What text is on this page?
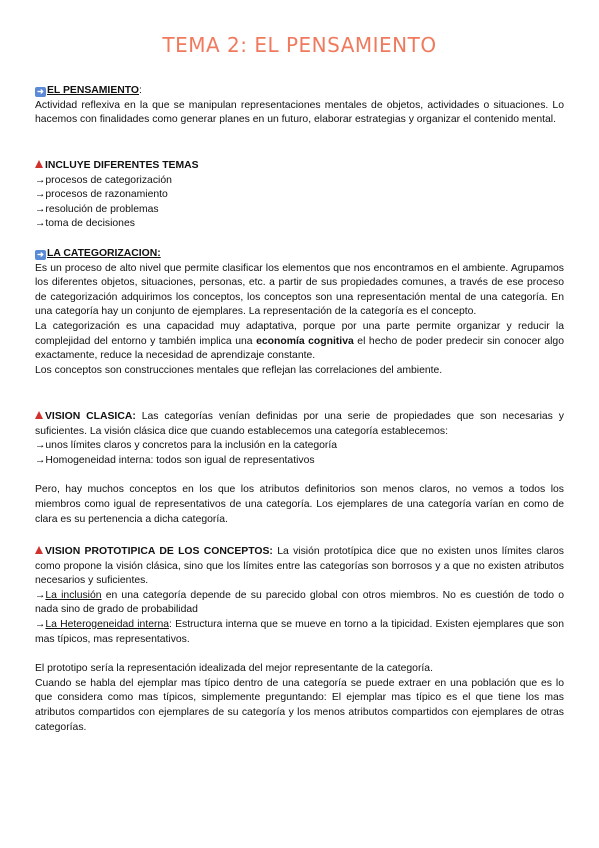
TEMA 2: EL PENSAMIENTO

➜ EL PENSAMIENTO:

Actividad reflexiva en la que se manipulan representaciones mentales de objetos, actividades o situaciones. Lo hacemos con finalidades como generar planes en un futuro, elaborar estrategias y organizar el contenido mental.

INCLUYE DIFERENTES TEMAS

→ procesos de categorización
→ procesos de razonamiento
→ resolución de problemas
→ toma de decisiones

➜ LA CATEGORIZACION:

Es un proceso de alto nivel que permite clasificar los elementos que nos encontramos en el ambiente. Agrupamos los diferentes objetos, situaciones, personas, etc. a partir de sus propiedades comunes, a través de ese proceso de categorización adquirimos los conceptos, los conceptos son una representación mental de una categoría. En una categoría hay un conjunto de ejemplares. La representación de la categoría es el concepto.

La categorización es una capacidad muy adaptativa, porque por una parte permite organizar y reducir la complejidad del entorno y también implica una economía cognitiva el hecho de poder predecir sin conocer algo exactamente, reduce la necesidad de aprendizaje constante.

Los conceptos son construcciones mentales que reflejan las correlaciones del ambiente.

VISION CLASICA: Las categorías venían definidas por una serie de propiedades que son necesarias y suficientes. La visión clásica dice que cuando establecemos una categoría establecemos:

→ unos límites claros y concretos para la inclusión en la categoría
→ Homogeneidad interna: todos son igual de representativos

Pero, hay muchos conceptos en los que los atributos definitorios son menos claros, no vemos a todos los miembros como igual de representativos de una categoría. Los ejemplares de una categoría varían en como de clara es su pertenencia a dicha categoría.

VISION PROTOTIPICA DE LOS CONCEPTOS: La visión prototípica dice que no existen unos límites claros como propone la visión clásica, sino que los límites entre las categorías son borrosos y a que no existen atributos necesarios y suficientes.

→ La inclusión en una categoría depende de su parecido global con otros miembros. No es cuestión de todo o nada sino de grado de probabilidad

→ La Heterogeneidad interna: Estructura interna que se mueve en torno a la tipicidad. Existen ejemplares que son mas típicos, mas representativos.

El prototipo sería la representación idealizada del mejor representante de la categoría.

Cuando se habla del ejemplar mas típico dentro de una categoría se puede extraer en una población que es lo que considera como mas típicos, simplemente preguntando: El ejemplar mas típico es el que tiene los mas atributos compartidos con ejemplares de su categoría y los menos atributos compartidos con ejemplares de otras categorías.
